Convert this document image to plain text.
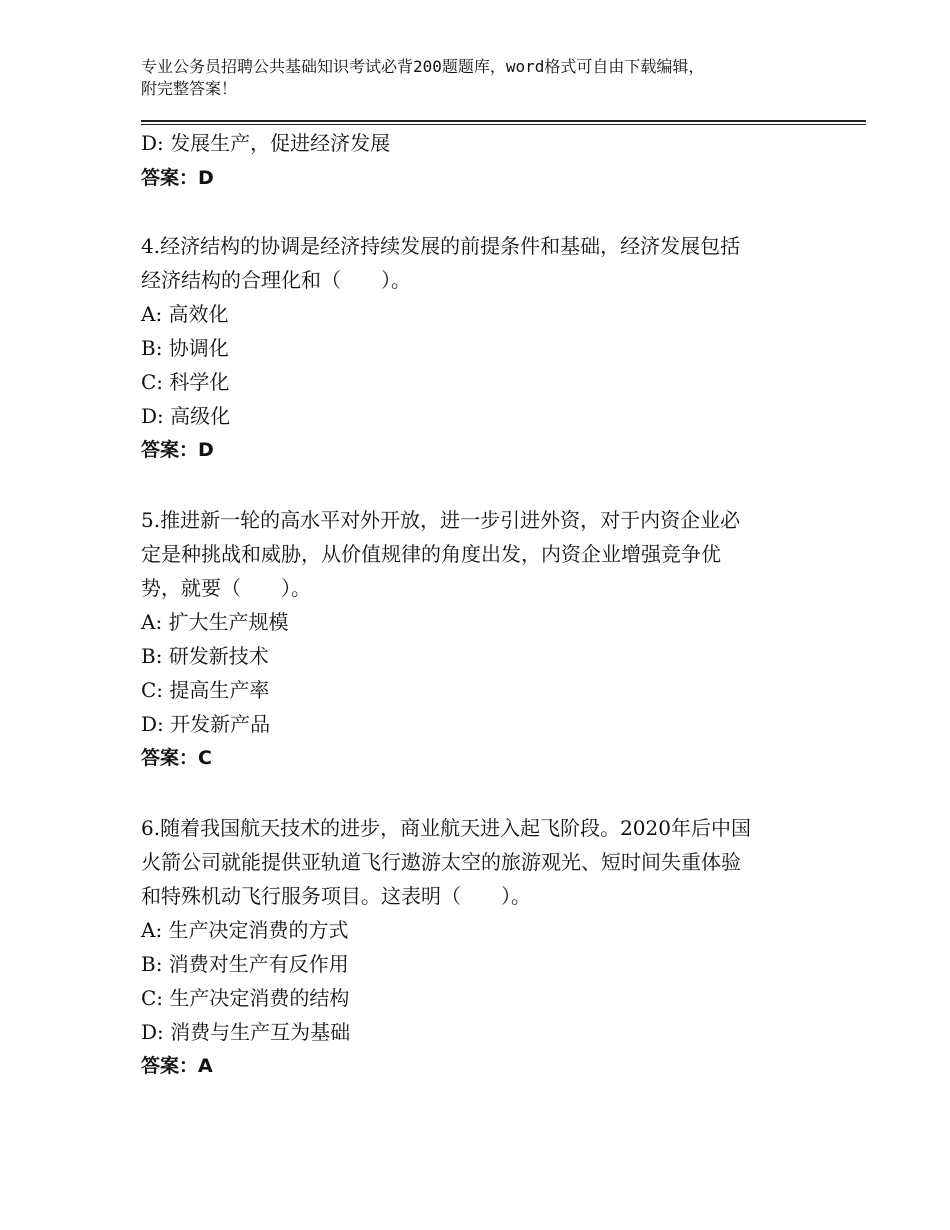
专业公务员招聘公共基础知识考试必背200题题库，word格式可自由下载编辑，
附完整答案！
D: 发展生产，促进经济发展
答案：D
4.经济结构的协调是经济持续发展的前提条件和基础，经济发展包括
经济结构的合理化和（　　）。
A: 高效化
B: 协调化
C: 科学化
D: 高级化
答案：D
5.推进新一轮的高水平对外开放，进一步引进外资，对于内资企业必
定是种挑战和威胁，从价值规律的角度出发，内资企业增强竞争优
势，就要（　　）。
A: 扩大生产规模
B: 研发新技术
C: 提高生产率
D: 开发新产品
答案：C
6.随着我国航天技术的进步，商业航天进入起飞阶段。2020年后中国
火箭公司就能提供亚轨道飞行遨游太空的旅游观光、短时间失重体验
和特殊机动飞行服务项目。这表明（　　）。
A: 生产决定消费的方式
B: 消费对生产有反作用
C: 生产决定消费的结构
D: 消费与生产互为基础
答案：A
